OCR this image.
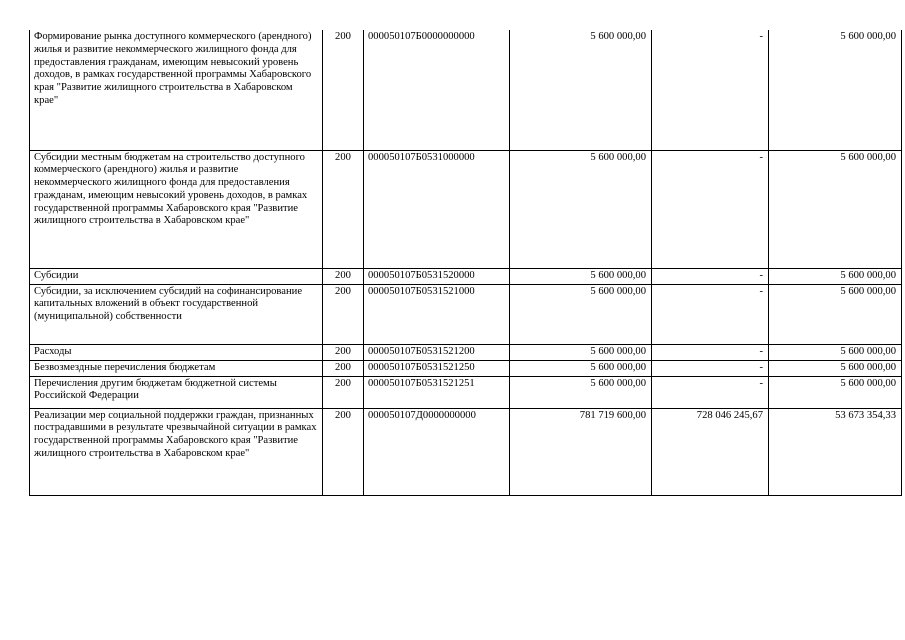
Формирование рынка доступного коммерческого (арендного) жилья и развитие некоммерческого жилищного фонда для предоставления гражданам, имеющим невысокий уровень доходов, в рамках государственной программы Хабаровского края "Развитие жилищного строительства в Хабаровском крае"	200	000050107Б0000000000	5 600 000,00	-	5 600 000,00
Субсидии местным бюджетам на строительство доступного коммерческого (арендного) жилья и развитие некоммерческого жилищного фонда для предоставления гражданам, имеющим невысокий уровень доходов, в рамках государственной программы Хабаровского края "Развитие жилищного строительства в Хабаровском крае"	200	000050107Б0531000000	5 600 000,00	-	5 600 000,00
Субсидии	200	000050107Б0531520000	5 600 000,00	-	5 600 000,00
Субсидии, за исключением субсидий на софинансирование капитальных вложений в объект государственной (муниципальной) собственности	200	000050107Б0531521000	5 600 000,00	-	5 600 000,00
Расходы	200	000050107Б0531521200	5 600 000,00	-	5 600 000,00
Безвозмездные перечисления бюджетам	200	000050107Б0531521250	5 600 000,00	-	5 600 000,00
Перечисления другим бюджетам бюджетной системы Российской Федерации	200	000050107Б0531521251	5 600 000,00	-	5 600 000,00
Реализации мер социальной поддержки граждан, признанных пострадавшими в результате чрезвычайной ситуации в рамках государственной программы Хабаровского края "Развитие жилищного строительства в Хабаровском крае"	200	000050107Д0000000000	781 719 600,00	728 046 245,67	53 673 354,33
